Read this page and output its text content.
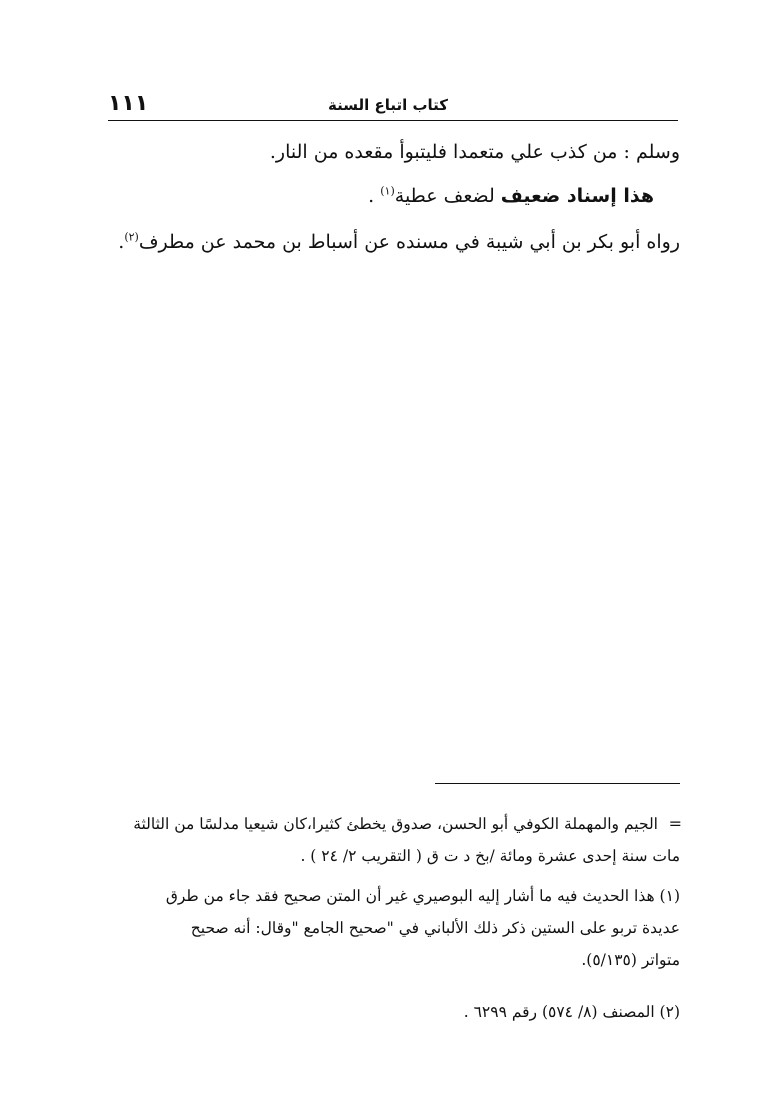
١١١	كتاب اتباع السنة
وسلم : من كذب علي متعمدا فليتبوأ مقعده من النار.
هذا إسناد ضعيف لضعف عطية$^{(١)}$ .
رواه أبو بكر بن أبي شيبة في مسنده عن أسباط بن محمد عن مطرف$^{(٢)}$.
=
الجيم والمهملة الكوفي أبو الحسن، صدوق يخطئ كثيرا،كان شيعيا مدلسًا من الثالثة
مات سنة إحدى عشرة ومائة /بخ د ت ق ( التقريب ٢/ ٢٤ ) .
(١) هذا الحديث فيه ما أشار إليه البوصيري غير أن المتن صحيح فقد جاء من طرق
عديدة تربو على الستين ذكر ذلك الألباني في "صحيح الجامع "وقال: أنه صحيح
متواتر (٥/١٣٥).
(٢) المصنف (٨/ ٥٧٤) رقم ٦٢٩٩ .
